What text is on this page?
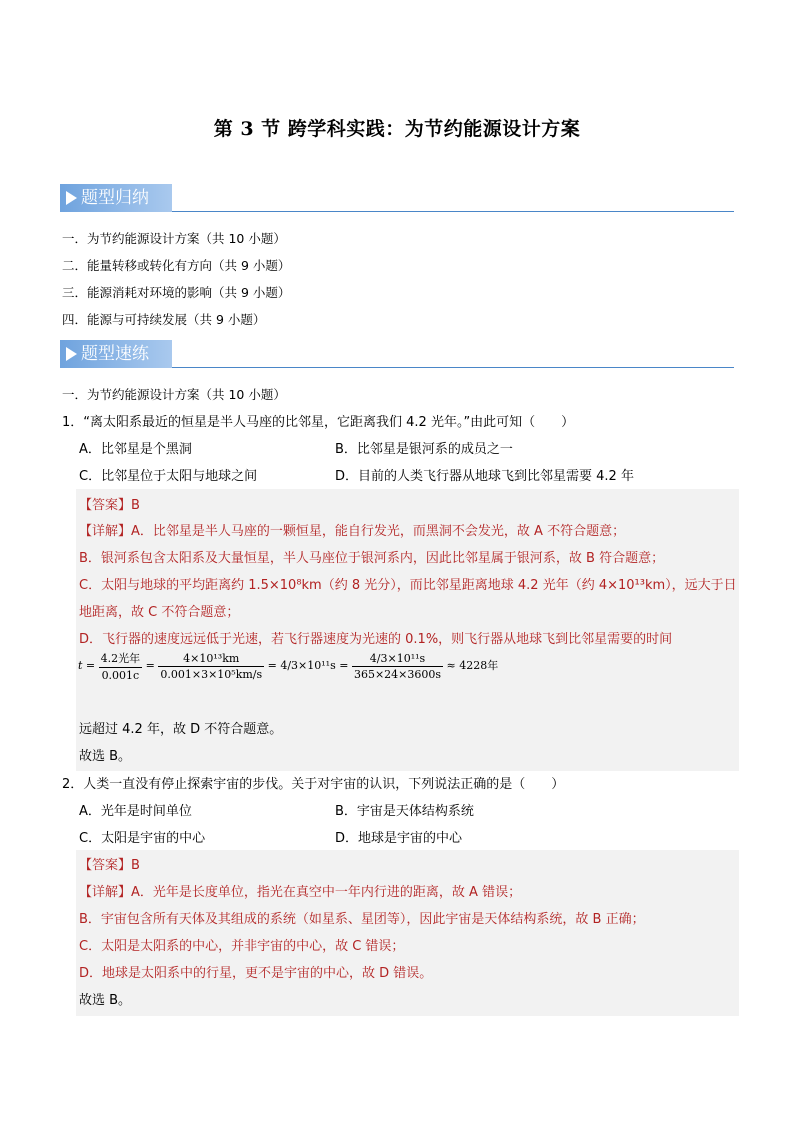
第 3 节 跨学科实践：为节约能源设计方案
题型归纳
一．为节约能源设计方案（共 10 小题）
二．能量转移或转化有方向（共 9 小题）
三．能源消耗对环境的影响（共 9 小题）
四．能源与可持续发展（共 9 小题）
题型速练
一．为节约能源设计方案（共 10 小题）
1．“离太阳系最近的恒星是半人马座的比邻星，它距离我们 4.2 光年。”由此可知（　　）
A．比邻星是个黑洞	B．比邻星是银河系的成员之一
C．比邻星位于太阳与地球之间	D．目前的人类飞行器从地球飞到比邻星需要 4.2 年
【答案】B
【详解】A．比邻星是半人马座的一颗恒星，能自行发光，而黑洞不会发光，故 A 不符合题意；
B．银河系包含太阳系及大量恒星，半人马座位于银河系内，因此比邻星属于银河系，故 B 符合题意；
C．太阳与地球的平均距离约 1.5×10⁸km（约 8 光分），而比邻星距离地球 4.2 光年（约 4×10¹³km），远大于日
地距离，故 C 不符合题意；
D．飞行器的速度远远低于光速，若飞行器速度为光速的 0.1%，则飞行器从地球飞到比邻星需要的时间
$t = \frac{\text{4.2光年}}{0.001c} = \frac{\text{4×10¹³km}}{\text{0.001×3×10⁵km/s}} = 4/3\times 10^{11}s = \frac{\text{4/3×10¹¹s}}{365\times 24\times 3600s} \approx 4228$年
远超过 4.2 年，故 D 不符合题意。
故选 B。
2．人类一直没有停止探索宇宙的步伐。关于对宇宙的认识，下列说法正确的是（　　）
A．光年是时间单位	B．宇宙是天体结构系统
C．太阳是宇宙的中心	D．地球是宇宙的中心
【答案】B
【详解】A．光年是长度单位，指光在真空中一年内行进的距离，故 A 错误；
B．宇宙包含所有天体及其组成的系统（如星系、星团等），因此宇宙是天体结构系统，故 B 正确；
C．太阳是太阳系的中心，并非宇宙的中心，故 C 错误；
D．地球是太阳系中的行星，更不是宇宙的中心，故 D 错误。
故选 B。
